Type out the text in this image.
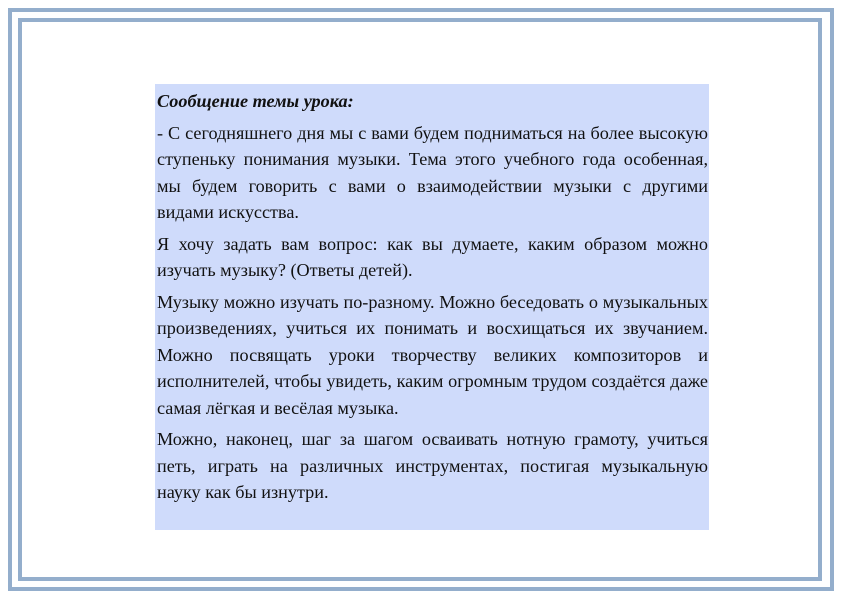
Сообщение темы урока:
- С сегодняшнего дня мы с вами будем подниматься на более высокую ступеньку понимания музыки. Тема этого учебного года особенная, мы будем говорить с вами о взаимодействии музыки с другими видами искусства.
Я хочу задать вам вопрос: как вы думаете, каким образом можно изучать музыку? (Ответы детей).
Музыку можно изучать по-разному. Можно беседовать о музыкальных произведениях, учиться их понимать и восхищаться их звучанием. Можно посвящать уроки творчеству великих композиторов и исполнителей, чтобы увидеть, каким огромным трудом создаётся даже самая лёгкая и весёлая музыка.
Можно, наконец, шаг за шагом осваивать нотную грамоту, учиться петь, играть на различных инструментах, постигая музыкальную науку как бы изнутри.
